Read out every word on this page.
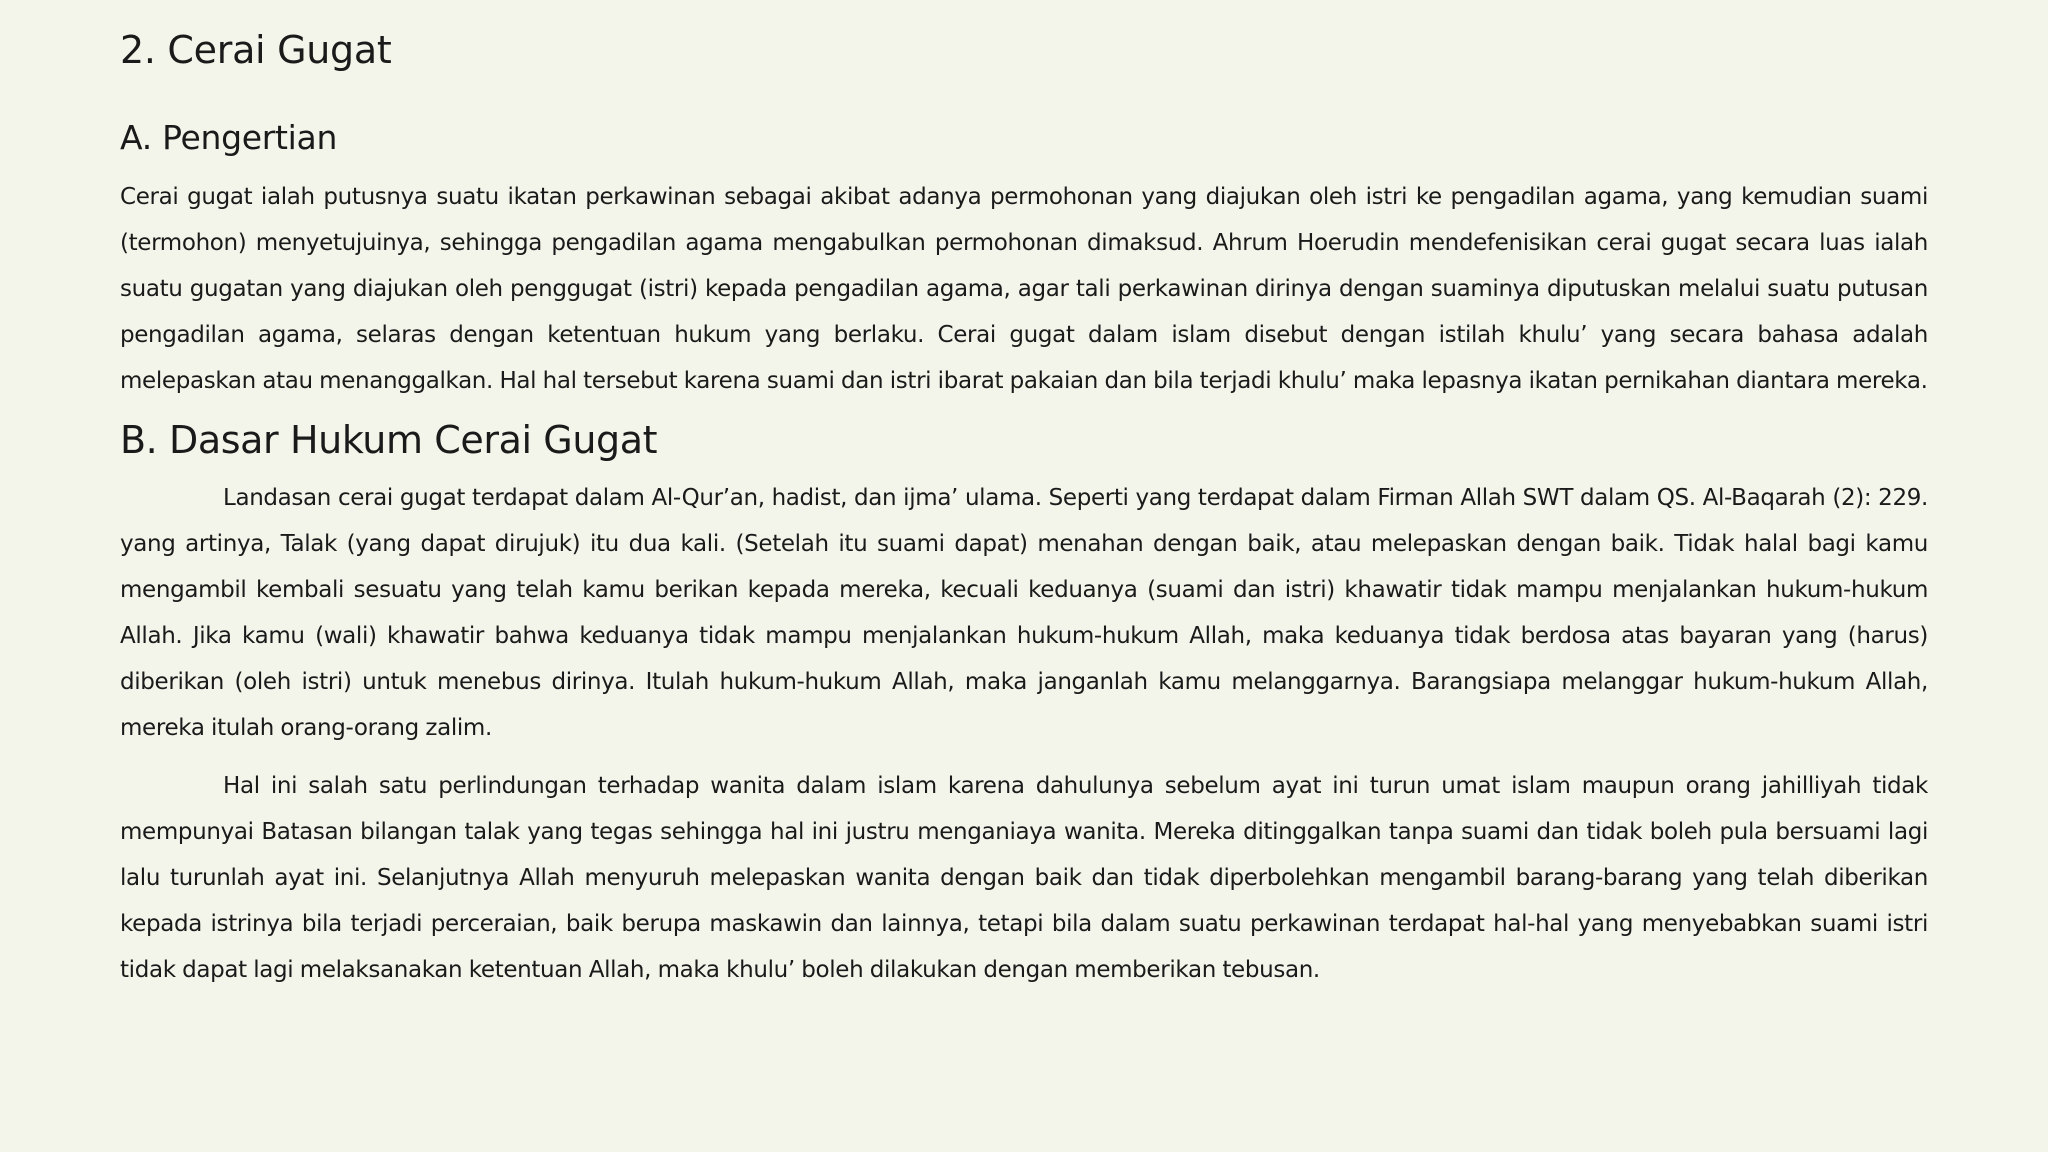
2. Cerai Gugat
A. Pengertian

Cerai gugat ialah putusnya suatu ikatan perkawinan sebagai akibat adanya permohonan yang diajukan oleh istri ke pengadilan agama, yang kemudian suami (termohon) menyetujuinya, sehingga pengadilan agama mengabulkan permohonan dimaksud. Ahrum Hoerudin mendefenisikan cerai gugat secara luas ialah suatu gugatan yang diajukan oleh penggugat (istri) kepada pengadilan agama, agar tali perkawinan dirinya dengan suaminya diputuskan melalui suatu putusan pengadilan agama, selaras dengan ketentuan hukum yang berlaku. Cerai gugat dalam islam disebut dengan istilah khulu’ yang secara bahasa adalah melepaskan atau menanggalkan. Hal hal tersebut karena suami dan istri ibarat pakaian dan bila terjadi khulu’ maka lepasnya ikatan pernikahan diantara mereka.

B. Dasar Hukum Cerai Gugat

Landasan cerai gugat terdapat dalam Al-Qur’an, hadist, dan ijma’ ulama. Seperti yang terdapat dalam Firman Allah SWT dalam QS. Al-Baqarah (2): 229. yang artinya, Talak (yang dapat dirujuk) itu dua kali. (Setelah itu suami dapat) menahan dengan baik, atau melepaskan dengan baik. Tidak halal bagi kamu mengambil kembali sesuatu yang telah kamu berikan kepada mereka, kecuali keduanya (suami dan istri) khawatir tidak mampu menjalankan hukum-hukum Allah. Jika kamu (wali) khawatir bahwa keduanya tidak mampu menjalankan hukum-hukum Allah, maka keduanya tidak berdosa atas bayaran yang (harus) diberikan (oleh istri) untuk menebus dirinya. Itulah hukum-hukum Allah, maka janganlah kamu melanggarnya. Barangsiapa melanggar hukum-hukum Allah, mereka itulah orang-orang zalim.

Hal ini salah satu perlindungan terhadap wanita dalam islam karena dahulunya sebelum ayat ini turun umat islam maupun orang jahilliyah tidak mempunyai Batasan bilangan talak yang tegas sehingga hal ini justru menganiaya wanita. Mereka ditinggalkan tanpa suami dan tidak boleh pula bersuami lagi lalu turunlah ayat ini. Selanjutnya Allah menyuruh melepaskan wanita dengan baik dan tidak diperbolehkan mengambil barang-barang yang telah diberikan kepada istrinya bila terjadi perceraian, baik berupa maskawin dan lainnya, tetapi bila dalam suatu perkawinan terdapat hal-hal yang menyebabkan suami istri tidak dapat lagi melaksanakan ketentuan Allah, maka khulu’ boleh dilakukan dengan memberikan tebusan.
